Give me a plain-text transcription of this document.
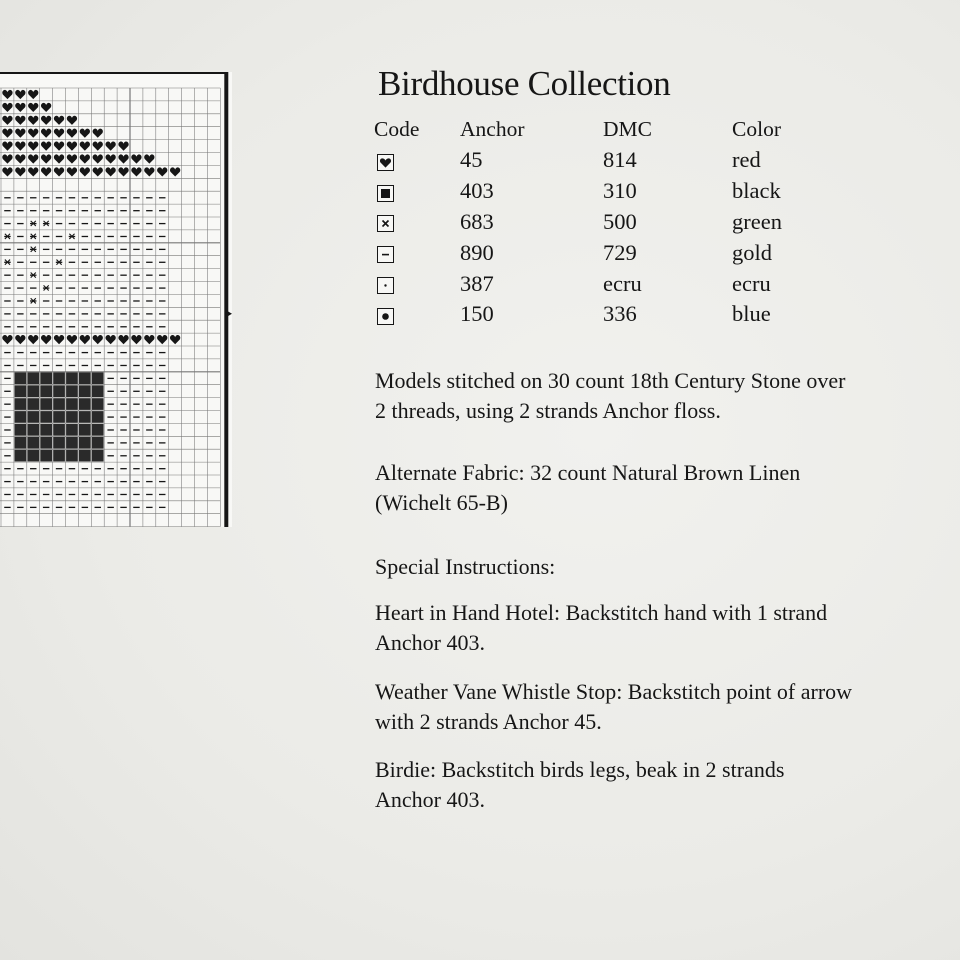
Birdhouse Collection
Code	Anchor	DMC	Color

	45	814	red

	403	310	black

	683	500	green

	890	729	gold

	387	ecru	ecru

	150	336	blue
Models stitched on 30 count 18th Century Stone over
2 threads, using 2 strands Anchor floss.
Alternate Fabric: 32 count Natural Brown Linen
(Wichelt 65-B)
Special Instructions:
Heart in Hand Hotel: Backstitch hand with 1 strand
Anchor 403.
Weather Vane Whistle Stop: Backstitch point of arrow
with 2 strands Anchor 45.
Birdie: Backstitch birds legs, beak in 2 strands
Anchor 403.
